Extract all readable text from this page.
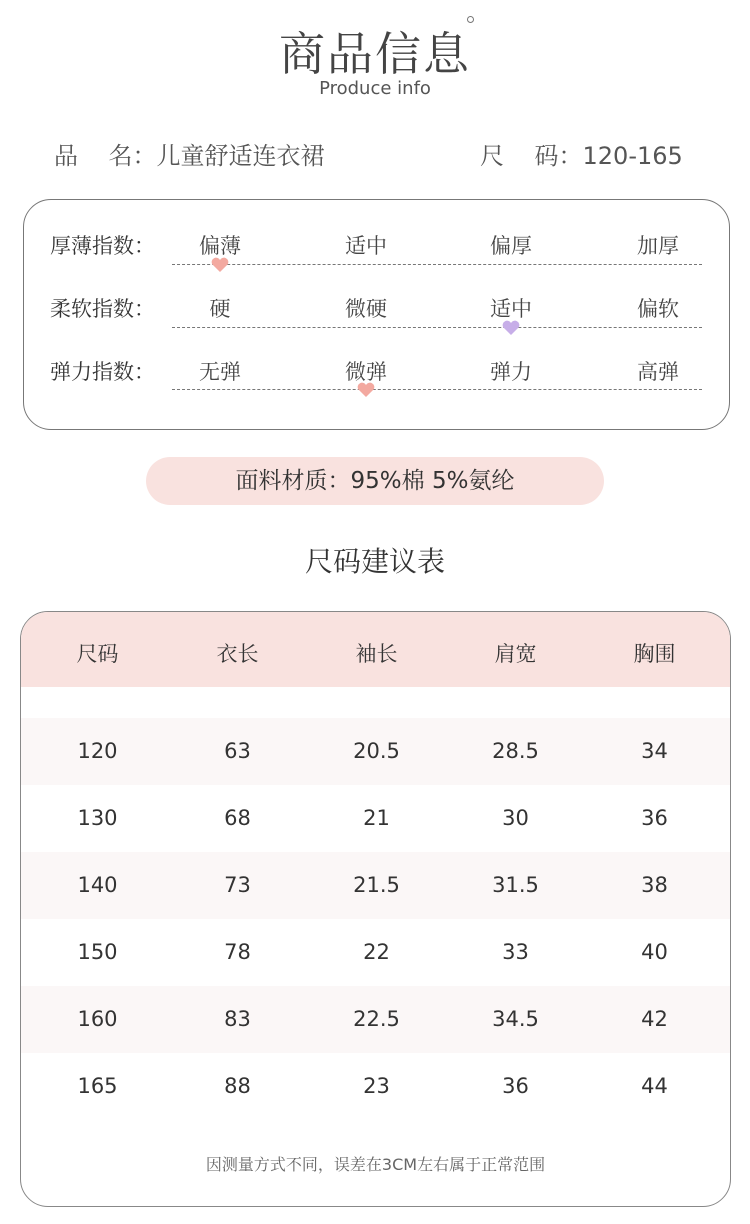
商品信息
Produce info
品    名：儿童舒适连衣裙	尺    码：120-165
厚薄指数：	偏薄	适中	偏厚	加厚
柔软指数：	硬	微硬	适中	偏软
弹力指数：	无弹	微弹	弹力	高弹
面料材质：95%棉 5%氨纶
尺码建议表
尺码	衣长	袖长	肩宽	胸围
120	63	20.5	28.5	34
130	68	21	30	36
140	73	21.5	31.5	38
150	78	22	33	40
160	83	22.5	34.5	42
165	88	23	36	44
因测量方式不同，误差在3CM左右属于正常范围
